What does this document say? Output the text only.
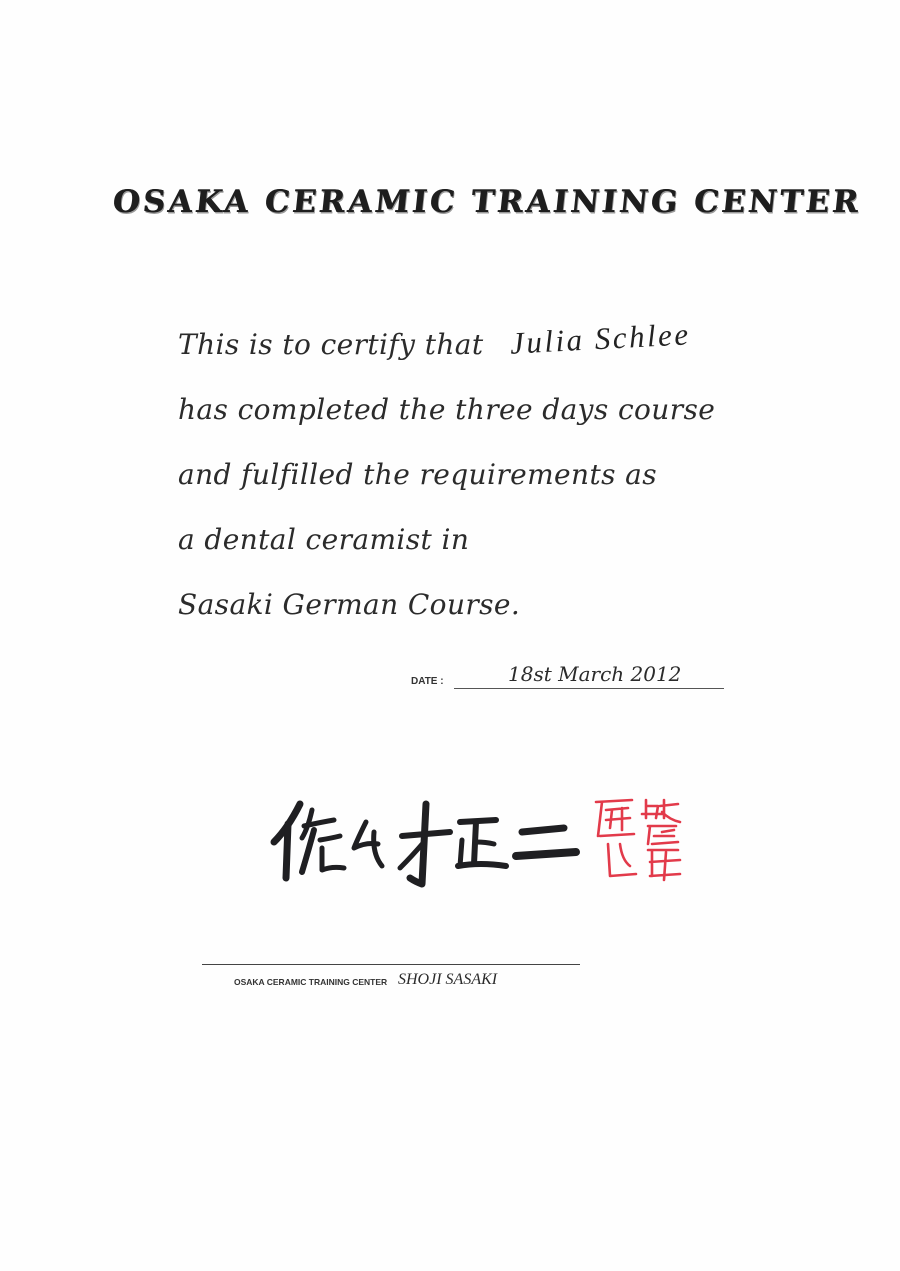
OSAKA CERAMIC TRAINING CENTER
This is to certify that Julia Schlee
has completed the three days course
and fulfilled the requirements as
a dental ceramist in
Sasaki German Course.
DATE :	18st March 2012
OSAKA CERAMIC TRAINING CENTER SHOJI SASAKI
